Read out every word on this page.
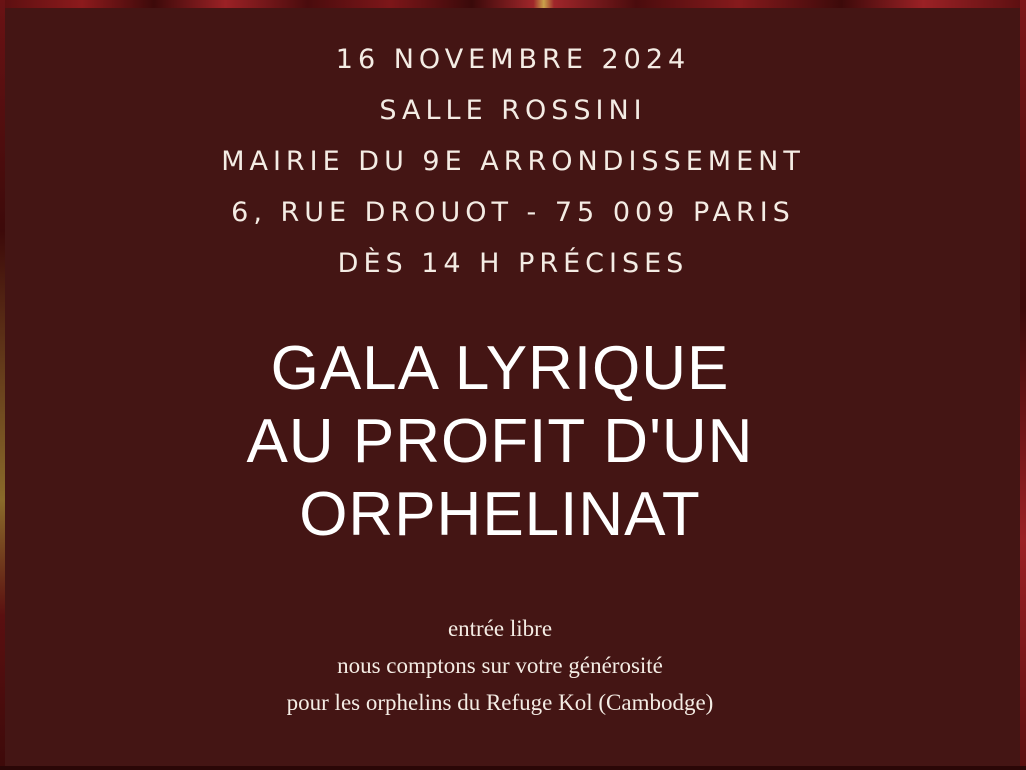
16 NOVEMBRE 2024
SALLE ROSSINI
MAIRIE DU 9E ARRONDISSEMENT
6, RUE DROUOT - 75 009 PARIS
DÈS 14 H PRÉCISES
GALA LYRIQUE
AU PROFIT D'UN
ORPHELINAT
entrée libre
nous comptons sur votre générosité
pour les orphelins du Refuge Kol (Cambodge)
